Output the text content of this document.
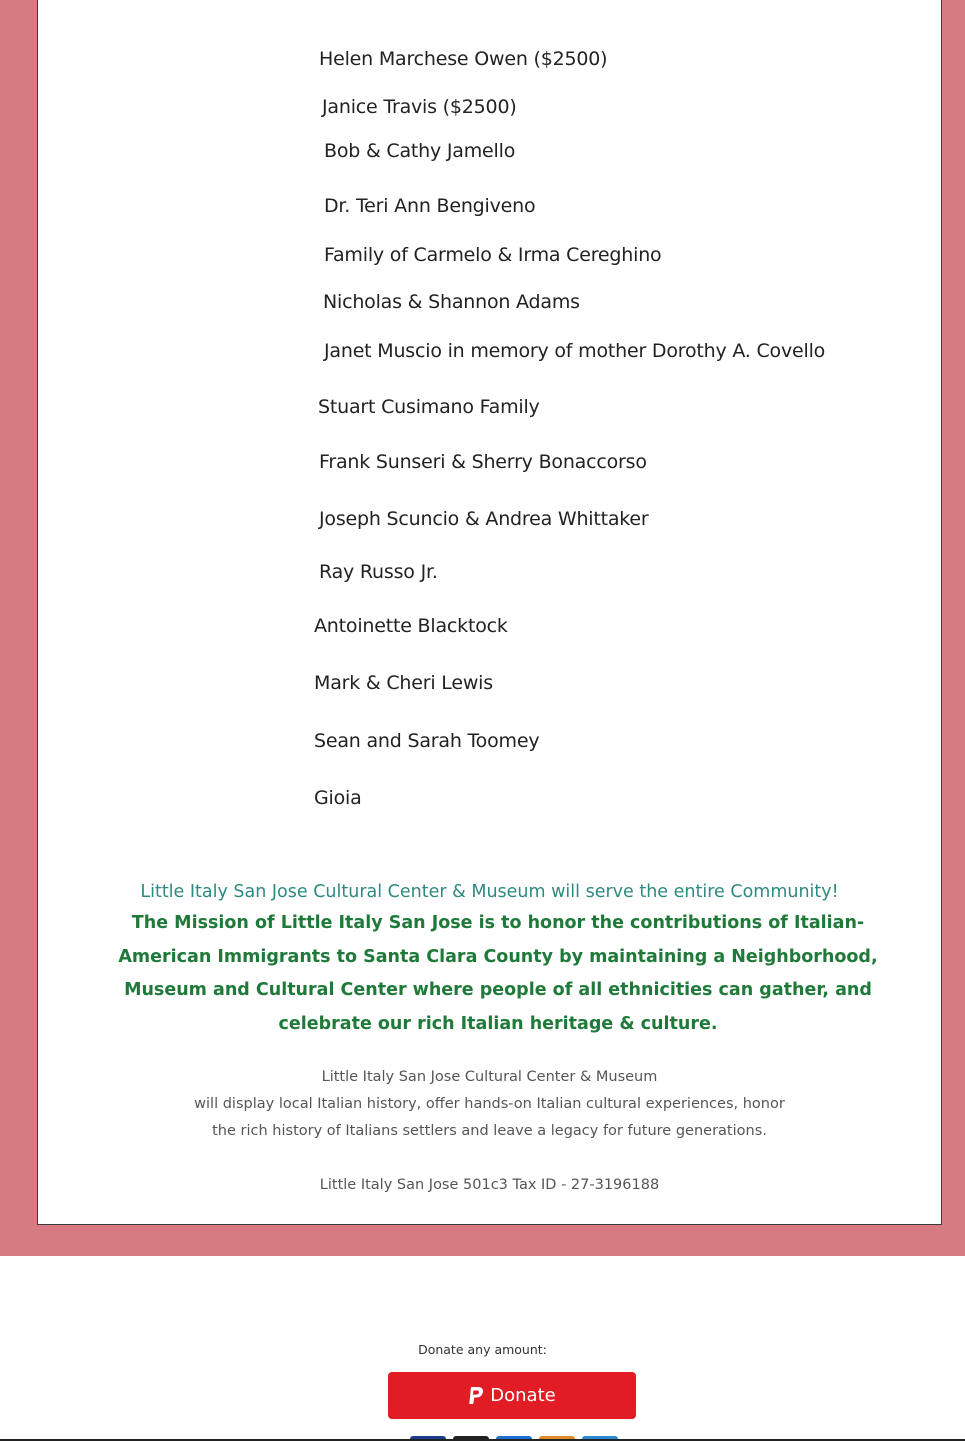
Helen Marchese Owen ($2500)
Janice Travis ($2500)
Bob & Cathy Jamello
Dr. Teri Ann Bengiveno
Family of Carmelo & Irma Cereghino
Nicholas & Shannon Adams
Janet Muscio in memory of mother Dorothy A. Covello
Stuart Cusimano Family
Frank Sunseri & Sherry Bonaccorso
Joseph Scuncio & Andrea Whittaker
Ray Russo Jr.
Antoinette Blacktock
Mark & Cheri Lewis
Sean and Sarah Toomey
Gioia
Little Italy San Jose Cultural Center & Museum will serve the entire Community!
The Mission of Little Italy San Jose is to honor the contributions of Italian-American Immigrants to Santa Clara County by maintaining a Neighborhood, Museum and Cultural Center where people of all ethnicities can gather, and celebrate our rich Italian heritage & culture.
Little Italy San Jose Cultural Center & Museum
will display local Italian history, offer hands-on Italian cultural experiences, honor
the rich history of Italians settlers and leave a legacy for future generations.
Little Italy San Jose 501c3 Tax ID - 27-3196188
Donate any amount:
Donate
